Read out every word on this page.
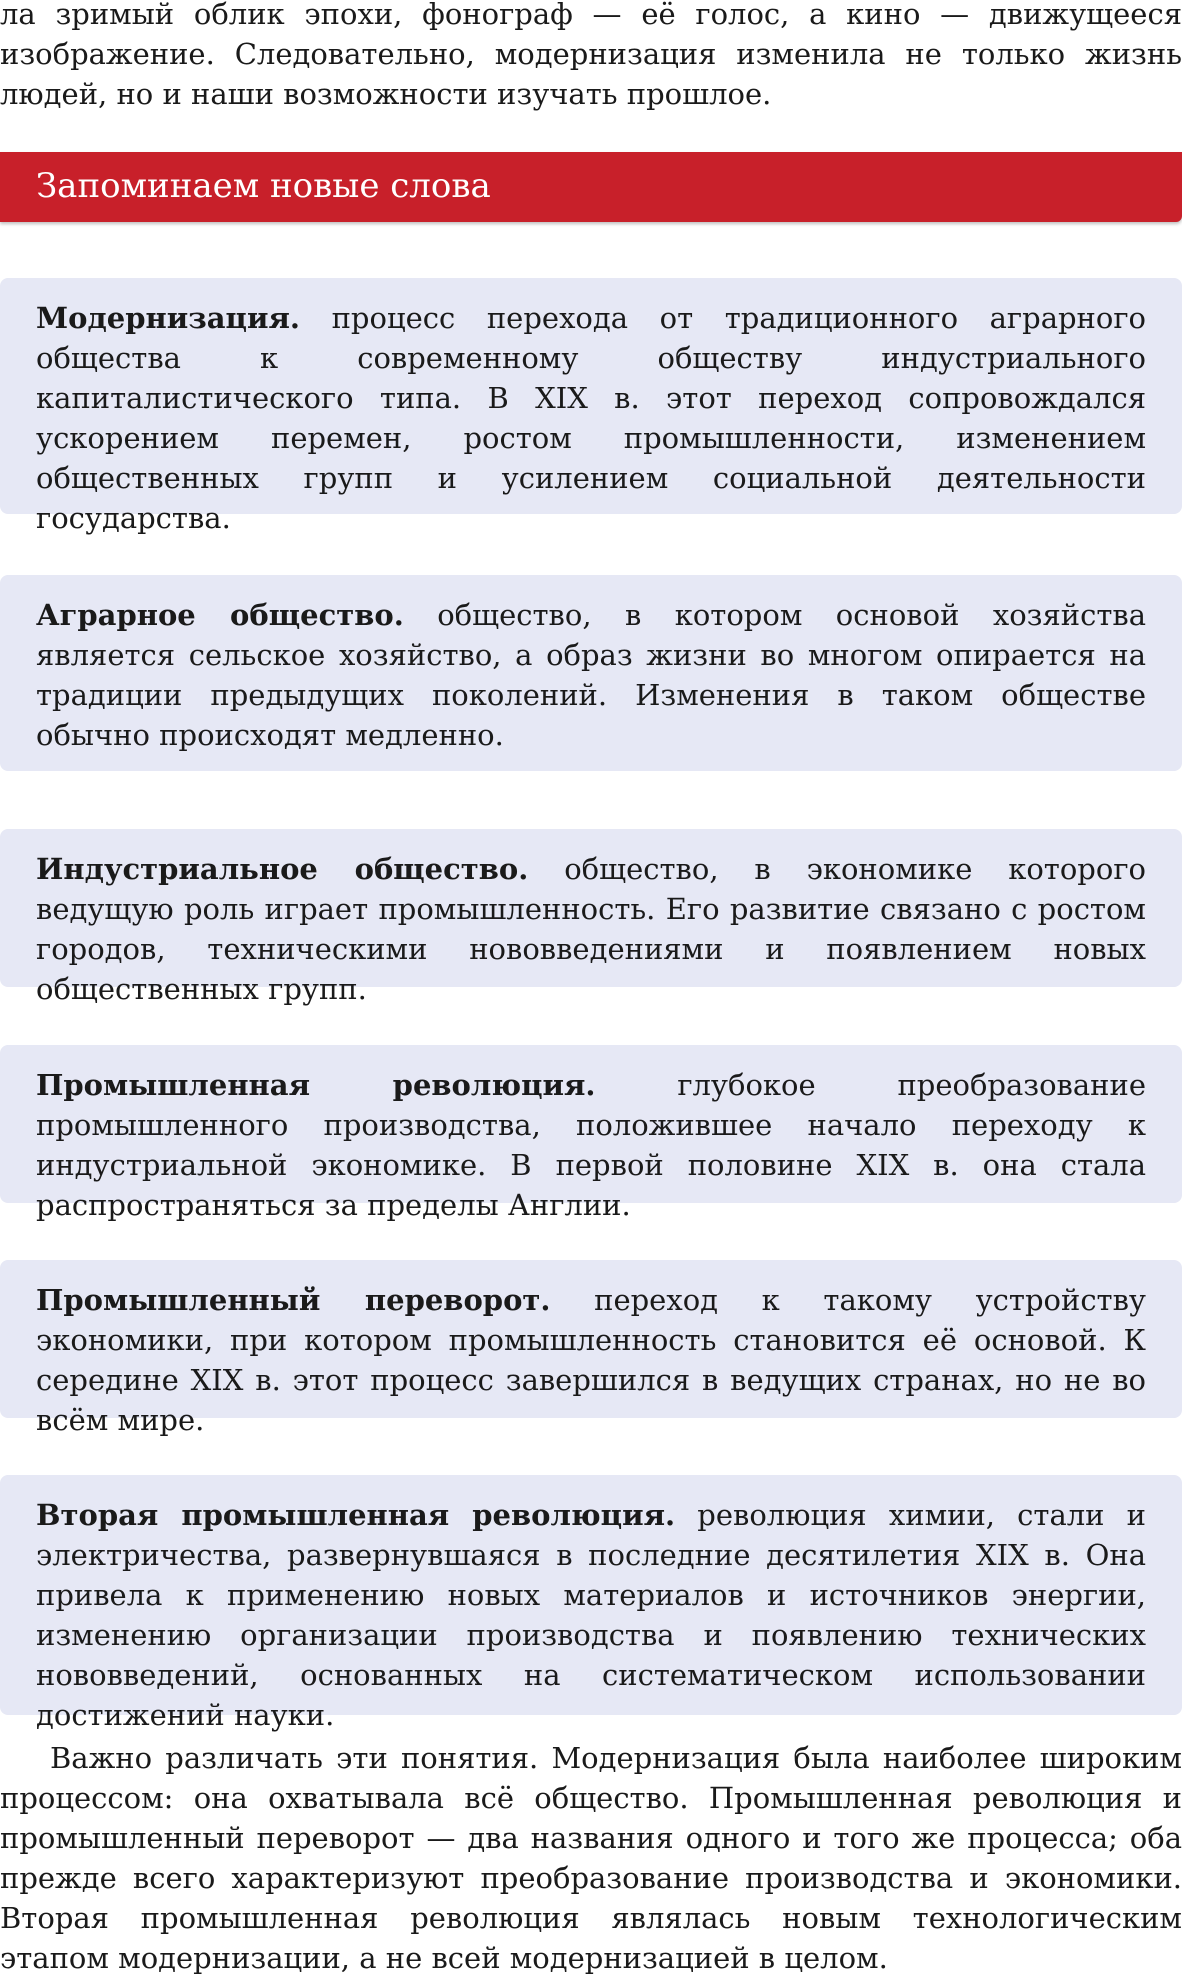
ла зримый облик эпохи, фонограф — её голос, а кино — движущееся изображение. Следовательно, модернизация изменила не только жизнь людей, но и наши возможности изучать прошлое.

Запоминаем новые слова

Модернизация. процесс перехода от традиционного аграрного общества к современному обществу индустриального капиталистического типа. В XIX в. этот переход сопровождался ускорением перемен, ростом промышленности, изменением общественных групп и усилением социальной деятельности государства.

Аграрное общество. общество, в котором основой хозяйства является сельское хозяйство, а образ жизни во многом опирается на традиции предыдущих поколений. Изменения в таком обществе обычно происходят медленно.

Индустриальное общество. общество, в экономике которого ведущую роль играет промышленность. Его развитие связано с ростом городов, техническими нововведениями и появлением новых общественных групп.

Промышленная революция. глубокое преобразование промышленного производства, положившее начало переходу к индустриальной экономике. В первой половине XIX в. она стала распространяться за пределы Англии.

Промышленный переворот. переход к такому устройству экономики, при котором промышленность становится её основой. К середине XIX в. этот процесс завершился в ведущих странах, но не во всём мире.

Вторая промышленная революция. революция химии, стали и электричества, развернувшаяся в последние десятилетия XIX в. Она привела к применению новых материалов и источников энергии, изменению организации производства и появлению технических нововведений, основанных на систематическом использовании достижений науки.

Важно различать эти понятия. Модернизация была наиболее широким процессом: она охватывала всё общество. Промышленная революция и промышленный переворот — два названия одного и того же процесса; оба прежде всего характеризуют преобразование производства и экономики. Вторая промышленная революция являлась новым технологическим этапом модернизации, а не всей модернизацией в целом.
